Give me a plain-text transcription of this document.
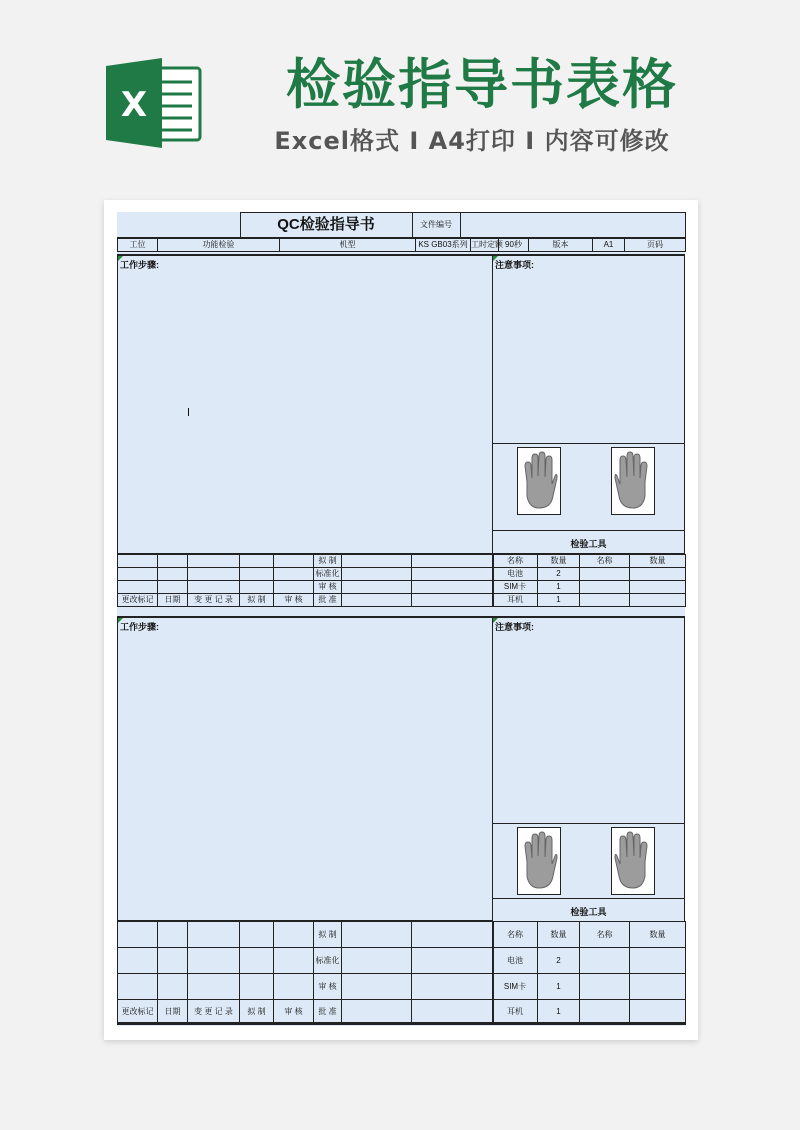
X	检验指导书表格
Excel格式 I A4打印 I 内容可修改
	QC检验指导书	文件编号	
工位	功能检验	机型	KS GB03系列	工时定额	90秒	版本	A1	页码	
工作步骤:	注意事项:
检验工具
					拟 制		
					标准化		
					审 核		
更改标记	日期	变 更 记 录	拟 制	审 核	批 准		
名称	数量	名称	数量
电池	2		
SIM卡	1		
耳机	1		
工作步骤:	注意事项:
检验工具
					拟 制		
					标准化		
					审 核		
更改标记	日期	变 更 记 录	拟 制	审 核	批 准		
名称	数量	名称	数量
电池	2		
SIM卡	1		
耳机	1		
